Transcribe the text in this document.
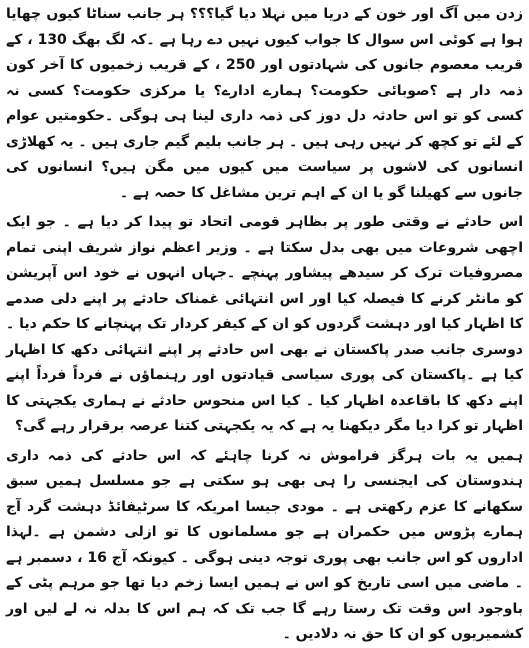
زدن میں آگ اور خون کے دریا میں نہلا دیا گیا؟؟؟ ہر جانب سناٹا کیوں چھایا ہوا ہے کوئی اس سوال کا جواب کیوں نہیں دے رہا ہے ۔کہ لگ بھگ 130 ، کے قریب معصوم جانوں کی شہادتوں اور 250 ، کے قریب زخمیوں کا آخر کون ذمہ دار ہے ؟صوبائی حکومت؟ ہمارے ادارے؟ یا مرکزی حکومت؟ کسی نہ کسی کو تو اس حادثہ دل دوز کی ذمہ داری لینا ہی ہوگی ۔حکومتیں عوام کے لئے تو کچھ کر نہیں رہی ہیں ۔ ہر جانب بلیم گیم جاری ہیں ۔ یہ کھلاڑی انسانوں کی لاشوں پر سیاست میں کیوں میں مگن ہیں؟ انسانوں کی جانوں سے کھیلنا گو یا ان کے اہم ترین مشاغل کا حصہ ہے ۔

اس حادثے نے وقتی طور پر بظاہر قومی اتحاد تو پیدا کر دیا ہے ۔ جو ایک اچھی شروعات میں بھی بدل سکتا ہے ۔ وزیر اعظم نواز شریف اپنی تمام مصروفیات ترک کر سیدھے پیشاور پہنچے ۔جہاں انہوں نے خود اس آپریشن کو مانٹر کرنے کا فیصلہ کیا اور اس انتہائی غمناک حادثے پر اپنے دلی صدمے کا اظہار کیا اور دہشت گردوں کو ان کے کیفر کردار تک پہنچانے کا حکم دیا ۔ دوسری جانب صدر پاکستان نے بھی اس حادثے پر اپنے انتہائی دکھ کا اظہار کیا ہے ۔پاکستان کی پوری سیاسی قیادتوں اور رہنماؤں نے فرداً فرداً اپنے اپنے دکھ کا باقاعدہ اظہار کیا ۔ کیا اس منحوس حادثے نے ہماری یکجہتی کا اظہار تو کرا دیا مگر دیکھنا یہ ہے کہ یہ یکجہتی کتنا عرصہ برقرار رہے گی؟

ہمیں یہ بات ہرگز فراموش نہ کرنا چاہئے کہ اس حادثے کی ذمہ داری ہندوستان کی ایجنسی را ہی بھی ہو سکتی ہے جو مسلسل ہمیں سبق سکھانے کا عزم رکھتی ہے ۔ مودی جیسا امریکہ کا سرٹیفائڈ دہشت گرد آج ہمارے پڑوس میں حکمران ہے جو مسلمانوں کا تو ازلی دشمن ہے ۔لہذا اداروں کو اس جانب بھی پوری توجہ دینی ہوگی ۔ کیونکہ آج 16 ، دسمبر ہے ۔ ماضی میں اسی تاریخ کو اس نے ہمیں ایسا زخم دیا تھا جو مرہم پٹی کے باوجود اس وقت تک رستا رہے گا جب تک کہ ہم اس کا بدلہ نہ لے لیں اور کشمیریوں کو ان کا حق نہ دلادیں ۔
